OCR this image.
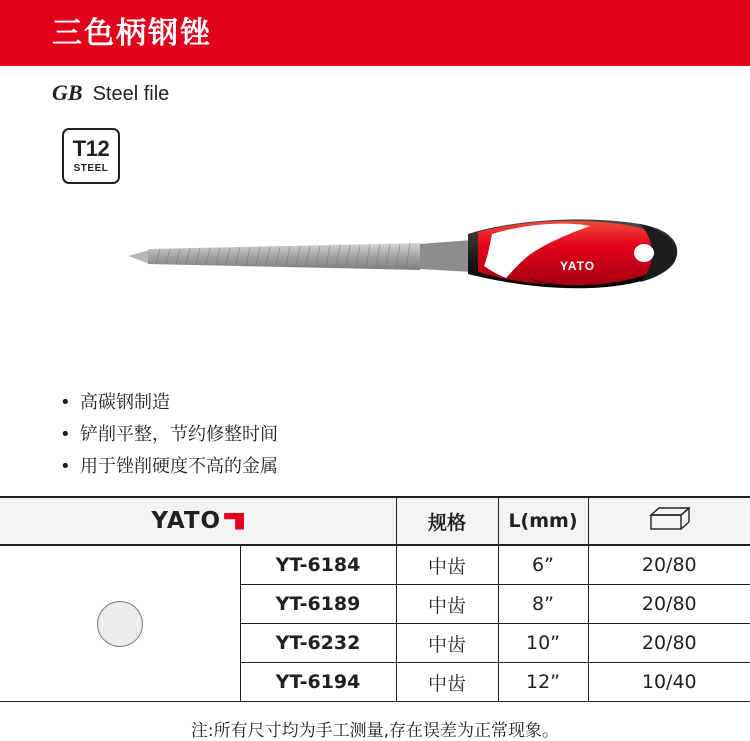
三色柄钢锉
GB Steel file
T12
STEEL
YATO
• 高碳钢制造
• 铲削平整，节约修整时间
• 用于锉削硬度不高的金属
YATO		规格	L(mm)	

	YT-6184	中齿	6”	20/80
	YT-6189	中齿	8”	20/80
	YT-6232	中齿	10”	20/80
	YT-6194	中齿	12”	10/40
注:所有尺寸均为手工测量,存在误差为正常现象。
